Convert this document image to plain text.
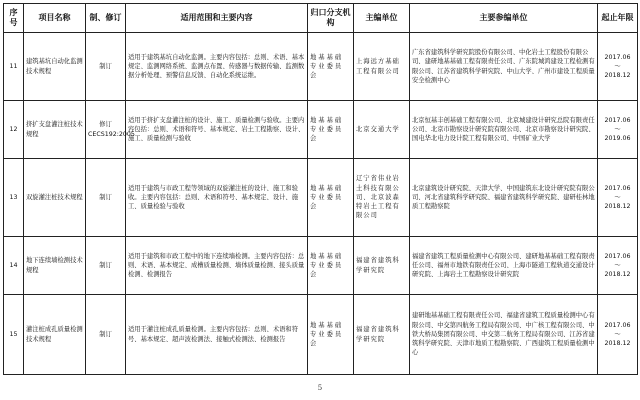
序号	项目名称	制、修订	适用范围和主要内容	归口分支机构	主编单位	主要参编单位	起止年限
11	建筑基坑自动化监测技术规程	制订	适用于建筑基坑自动化监测。主要内容包括：总则、术语、基本规定、监测网络系统、监测点布置、传感器与数据传输、监测数据分析处理、预警信息反馈、自动化系统运维。	地基基础专业委员会	上海远方基础工程有限公司	广东省建筑科学研究院股份有限公司、中化岩土工程股份有限公司、建研地基基础工程有限责任公司、广东院城鸿建设工程检测有限公司、江苏省建筑科学研究院、中山大学、广州市建设工程质量安全检测中心	2017.06
～
2018.12
12	挤扩支盘灌注桩技术规程	修订 CECS192:2005	适用于挤扩支盘灌注桩的设计、施工、质量检测与验收。主要内容包括：总则、术语和符号、基本规定、岩土工程勘察、设计、施工、质量检测与验收	地基基础专业委员会	北京交通大学	北京恒基丰创基础工程有限公司、北京城建设计研究总院有限责任公司、北京市勘察设计研究院有限公司、北京市勘察设计研究院、国电华北电力设计院工程有限公司、中国矿业大学	2017.06
～
2019.06
13	双旋灌注桩技术规程	制订	适用于建筑与市政工程等领域的双旋灌注桩的设计、施工和验收。主要内容包括：总则、术语和符号、基本规定、设计、施工、质量检验与验收	地基基础专业委员会	辽宁省伟业岩土科技有限公司、北京波森特岩土工程有限公司	北京建筑设计研究院、天津大学、中国建筑东北设计研究院有限公司、河北省建筑科学研究院、福建省建筑科学研究院、建研桂林地质工程勘察院	2017.06
～
2018.12
14	地下连续墙检测技术规程	制订	适用于建筑和市政工程中的地下连续墙检测。主要内容包括：总则、术语、基本规定、成槽质量检测、墙体质量检测、接头质量检测、检测报告	地基基础专业委员会	福建省建筑科学研究院	福建省建筑工程质量检测中心有限公司、建研地基基础工程有限责任公司、福州市地铁有限责任公司、上海市隧道工程轨道交通设计研究院、上海岩土工程勘察设计研究院	2017.06
～
2018.12
15	灌注桩成孔质量检测技术规程	制订	适用于灌注桩成孔质量检测。主要内容包括：总则、术语和符号、基本规定、超声波检测法、接触式检测法、检测报告	地基基础专业委员会	福建省建筑科学研究院	建研地基基础工程有限责任公司、福建省建筑工程质量检测中心有限公司、中交第四航务工程局有限公司、中广核工程有限公司、中铁大桥局集团有限公司、中交第二航务工程局有限公司、江苏省建筑科学研究院、天津市地质工程勘察院、广西建筑工程质量检测中心	2017.06
～
2018.12
5
